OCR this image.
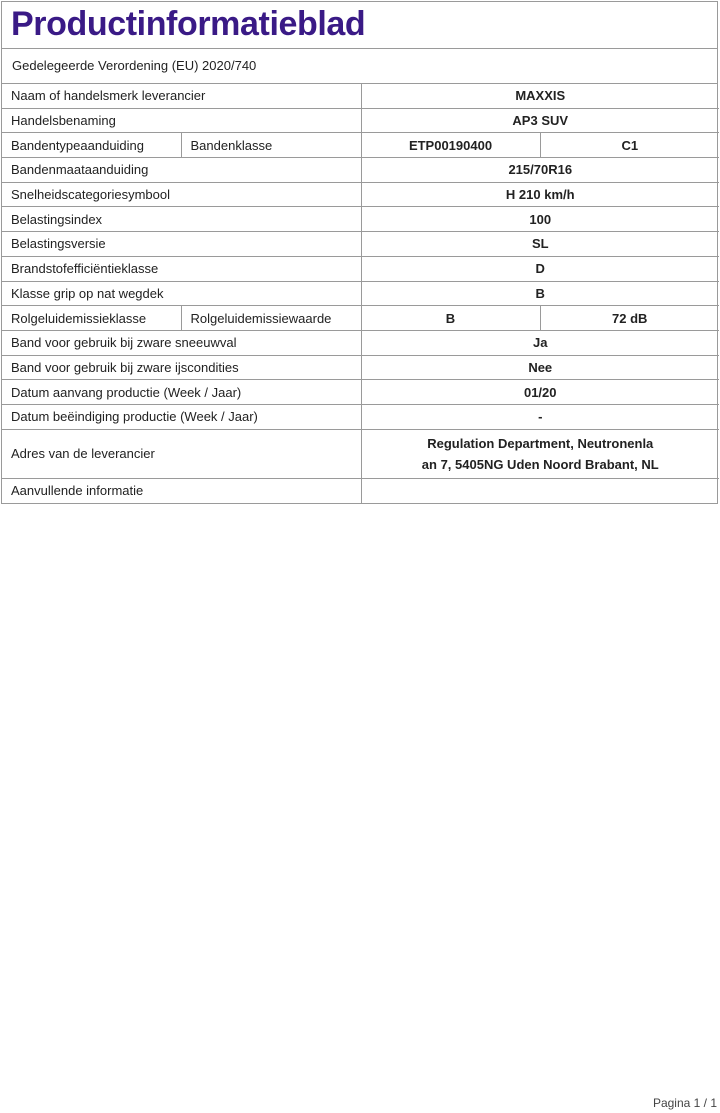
Productinformatieblad
Gedelegeerde Verordening (EU) 2020/740
Naam of handelsmerk leverancier		MAXXIS	
Handelsbenaming		AP3 SUV	
Bandentypeaanduiding	Bandenklasse	ETP00190400	C1
Bandenmaataanduiding		215/70R16	
Snelheidscategoriesymbool		H 210 km/h	
Belastingsindex		100	
Belastingsversie		SL	
Brandstofefficiëntieklasse		D	
Klasse grip op nat wegdek		B	
Rolgeluidemissieklasse	Rolgeluidemissiewaarde	B	72 dB
Band voor gebruik bij zware sneeuwval		Ja	
Band voor gebruik bij zware ijscondities		Nee	
Datum aanvang productie (Week / Jaar)		01/20	
Datum beëindiging productie (Week / Jaar)		-	
Adres van de leverancier		Regulation Department, Neutronenla
an 7, 5405NG Uden Noord Brabant, NL	
Aanvullende informatie			
Pagina 1 / 1
